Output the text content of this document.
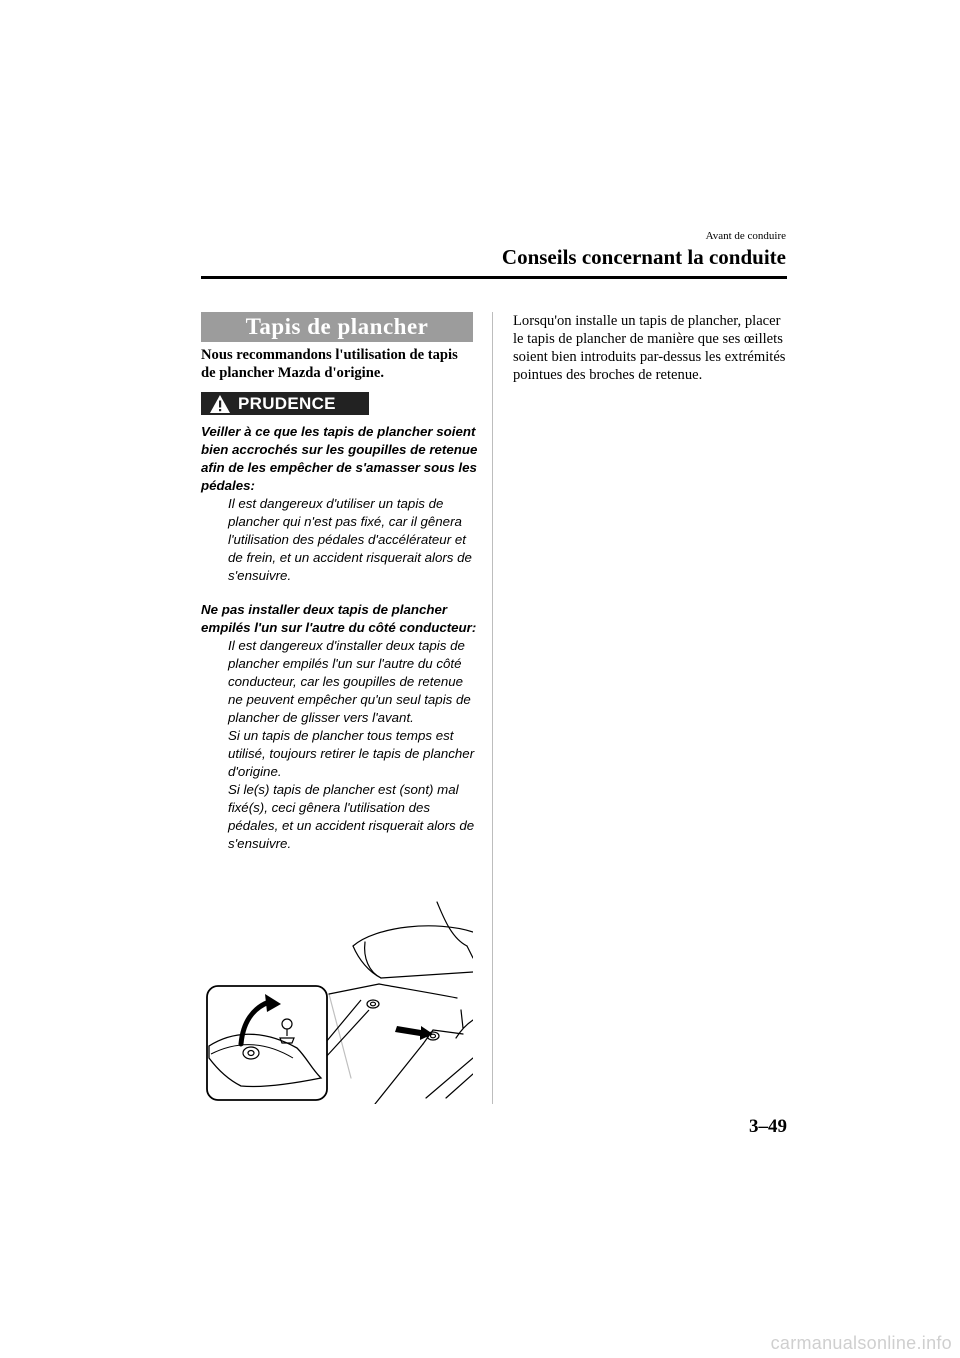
Avant de conduire
Conseils concernant la conduite
Tapis de plancher
Nous recommandons l'utilisation de tapis de plancher Mazda d'origine.
PRUDENCE
Veiller à ce que les tapis de plancher soient bien accrochés sur les goupilles de retenue afin de les empêcher de s'amasser sous les pédales:

Il est dangereux d'utiliser un tapis de plancher qui n'est pas fixé, car il gênera l'utilisation des pédales d'accélérateur et de frein, et un accident risquerait alors de s'ensuivre.

Ne pas installer deux tapis de plancher empilés l'un sur l'autre du côté conducteur:

Il est dangereux d'installer deux tapis de plancher empilés l'un sur l'autre du côté conducteur, car les goupilles de retenue ne peuvent empêcher qu'un seul tapis de plancher de glisser vers l'avant.

Si un tapis de plancher tous temps est utilisé, toujours retirer le tapis de plancher d'origine.

Si le(s) tapis de plancher est (sont) mal fixé(s), ceci gênera l'utilisation des pédales, et un accident risquerait alors de s'ensuivre.

Lorsqu'on installe un tapis de plancher, placer le tapis de plancher de manière que ses œillets soient bien introduits par-dessus les extrémités pointues des broches de retenue.
3–49
carmanualsonline.info
